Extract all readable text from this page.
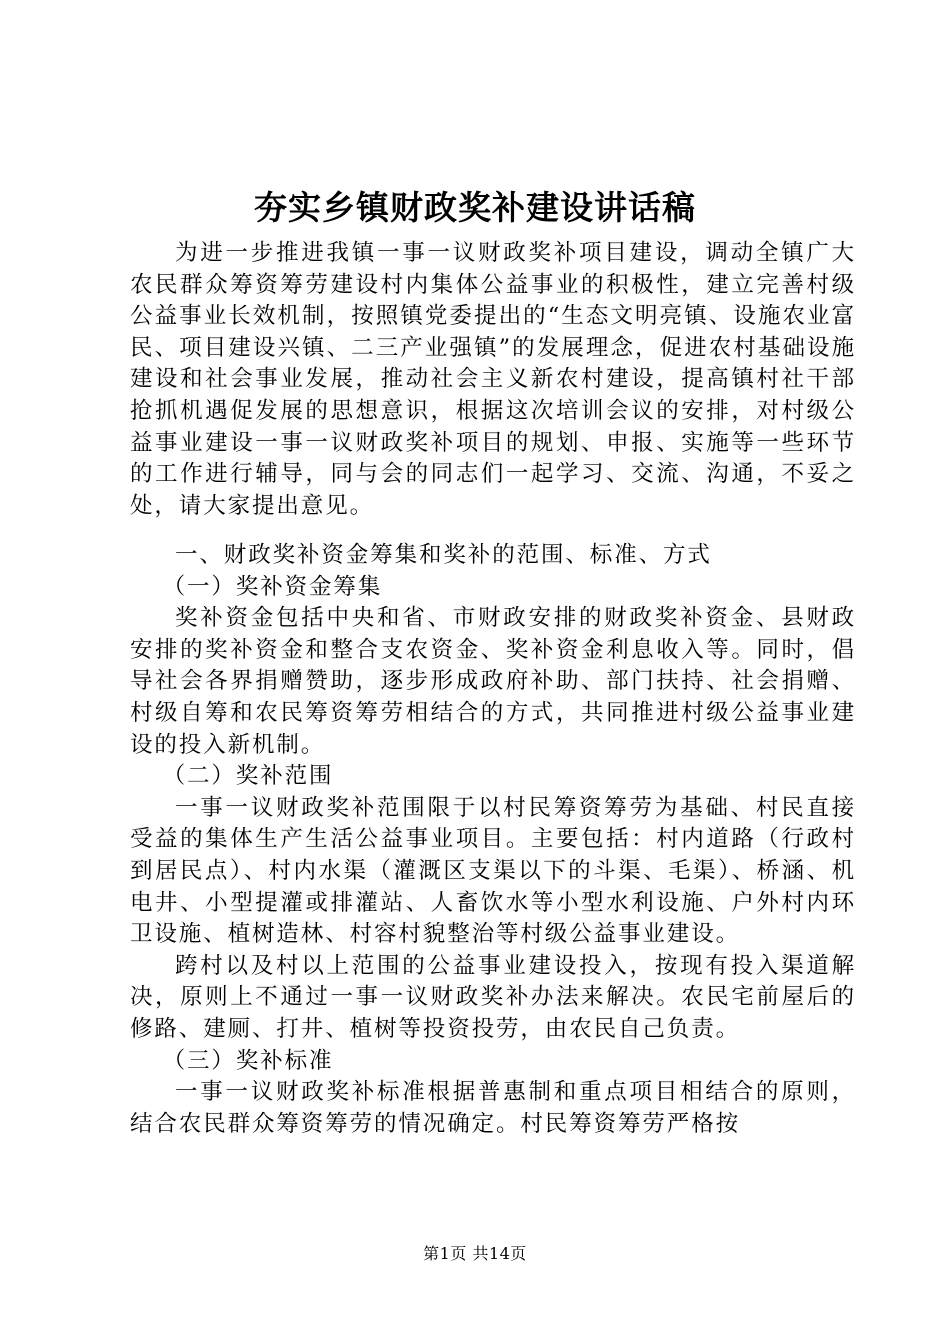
夯实乡镇财政奖补建设讲话稿

为进一步推进我镇一事一议财政奖补项目建设，调动全镇广大农民群众筹资筹劳建设村内集体公益事业的积极性，建立完善村级公益事业长效机制，按照镇党委提出的“生态文明亮镇、设施农业富民、项目建设兴镇、二三产业强镇”的发展理念，促进农村基础设施建设和社会事业发展，推动社会主义新农村建设，提高镇村社干部抢抓机遇促发展的思想意识，根据这次培训会议的安排，对村级公益事业建设一事一议财政奖补项目的规划、申报、实施等一些环节的工作进行辅导，同与会的同志们一起学习、交流、沟通，不妥之处，请大家提出意见。

一、财政奖补资金筹集和奖补的范围、标准、方式

（一）奖补资金筹集

奖补资金包括中央和省、市财政安排的财政奖补资金、县财政安排的奖补资金和整合支农资金、奖补资金利息收入等。同时，倡导社会各界捐赠赞助，逐步形成政府补助、部门扶持、社会捐赠、村级自筹和农民筹资筹劳相结合的方式，共同推进村级公益事业建设的投入新机制。

（二）奖补范围

一事一议财政奖补范围限于以村民筹资筹劳为基础、村民直接受益的集体生产生活公益事业项目。主要包括：村内道路（行政村到居民点）、村内水渠（灌溉区支渠以下的斗渠、毛渠）、桥涵、机电井、小型提灌或排灌站、人畜饮水等小型水利设施、户外村内环卫设施、植树造林、村容村貌整治等村级公益事业建设。

跨村以及村以上范围的公益事业建设投入，按现有投入渠道解决，原则上不通过一事一议财政奖补办法来解决。农民宅前屋后的修路、建厕、打井、植树等投资投劳，由农民自己负责。

（三）奖补标准

一事一议财政奖补标准根据普惠制和重点项目相结合的原则，结合农民群众筹资筹劳的情况确定。村民筹资筹劳严格按

第1页 共14页
